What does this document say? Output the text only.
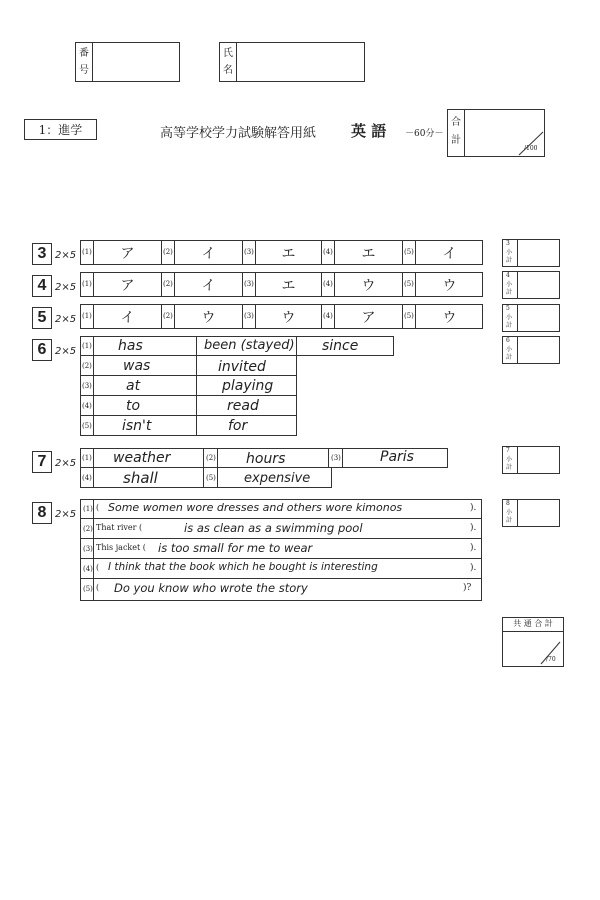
番
号
氏
名
1：進学	高等学校学力試験解答用紙 英 語 －60分－
合
計
/100
3 2×5 (1)	(2)	(3)	(4)	(5)
ア	イ	エ	エ	イ
3
小
計
4 2×5 (1)	(2)	(3)	(4)	(5)
ア	イ	エ	ウ	ウ
4
小
計
5 2×5 (1)	(2)	(3)	(4)	(5)
イ	ウ	ウ	ア	ウ
5
小
計
6 2×5 (1)
(2)
(3)
(4)
(5)
has	been (stayed) since
was	invited
at	playing
to	read
isn't	for
6
小
計
7 2×5 (1)	(2)	(3)
(4)	(5)
weather	hours	Paris
shall	expensive
7
小
計
8 2×5 (1) ( Some women wore dresses and others wore kimonos	).
(2) That river (	is as clean as a swimming pool	).
(3) This jacket ( is too small for me to wear	).
(4) ( I think that the book which he bought is interesting	).
(5) ( Do you know who wrote the story	)?
8
小
計
共 通 合 計
/70
